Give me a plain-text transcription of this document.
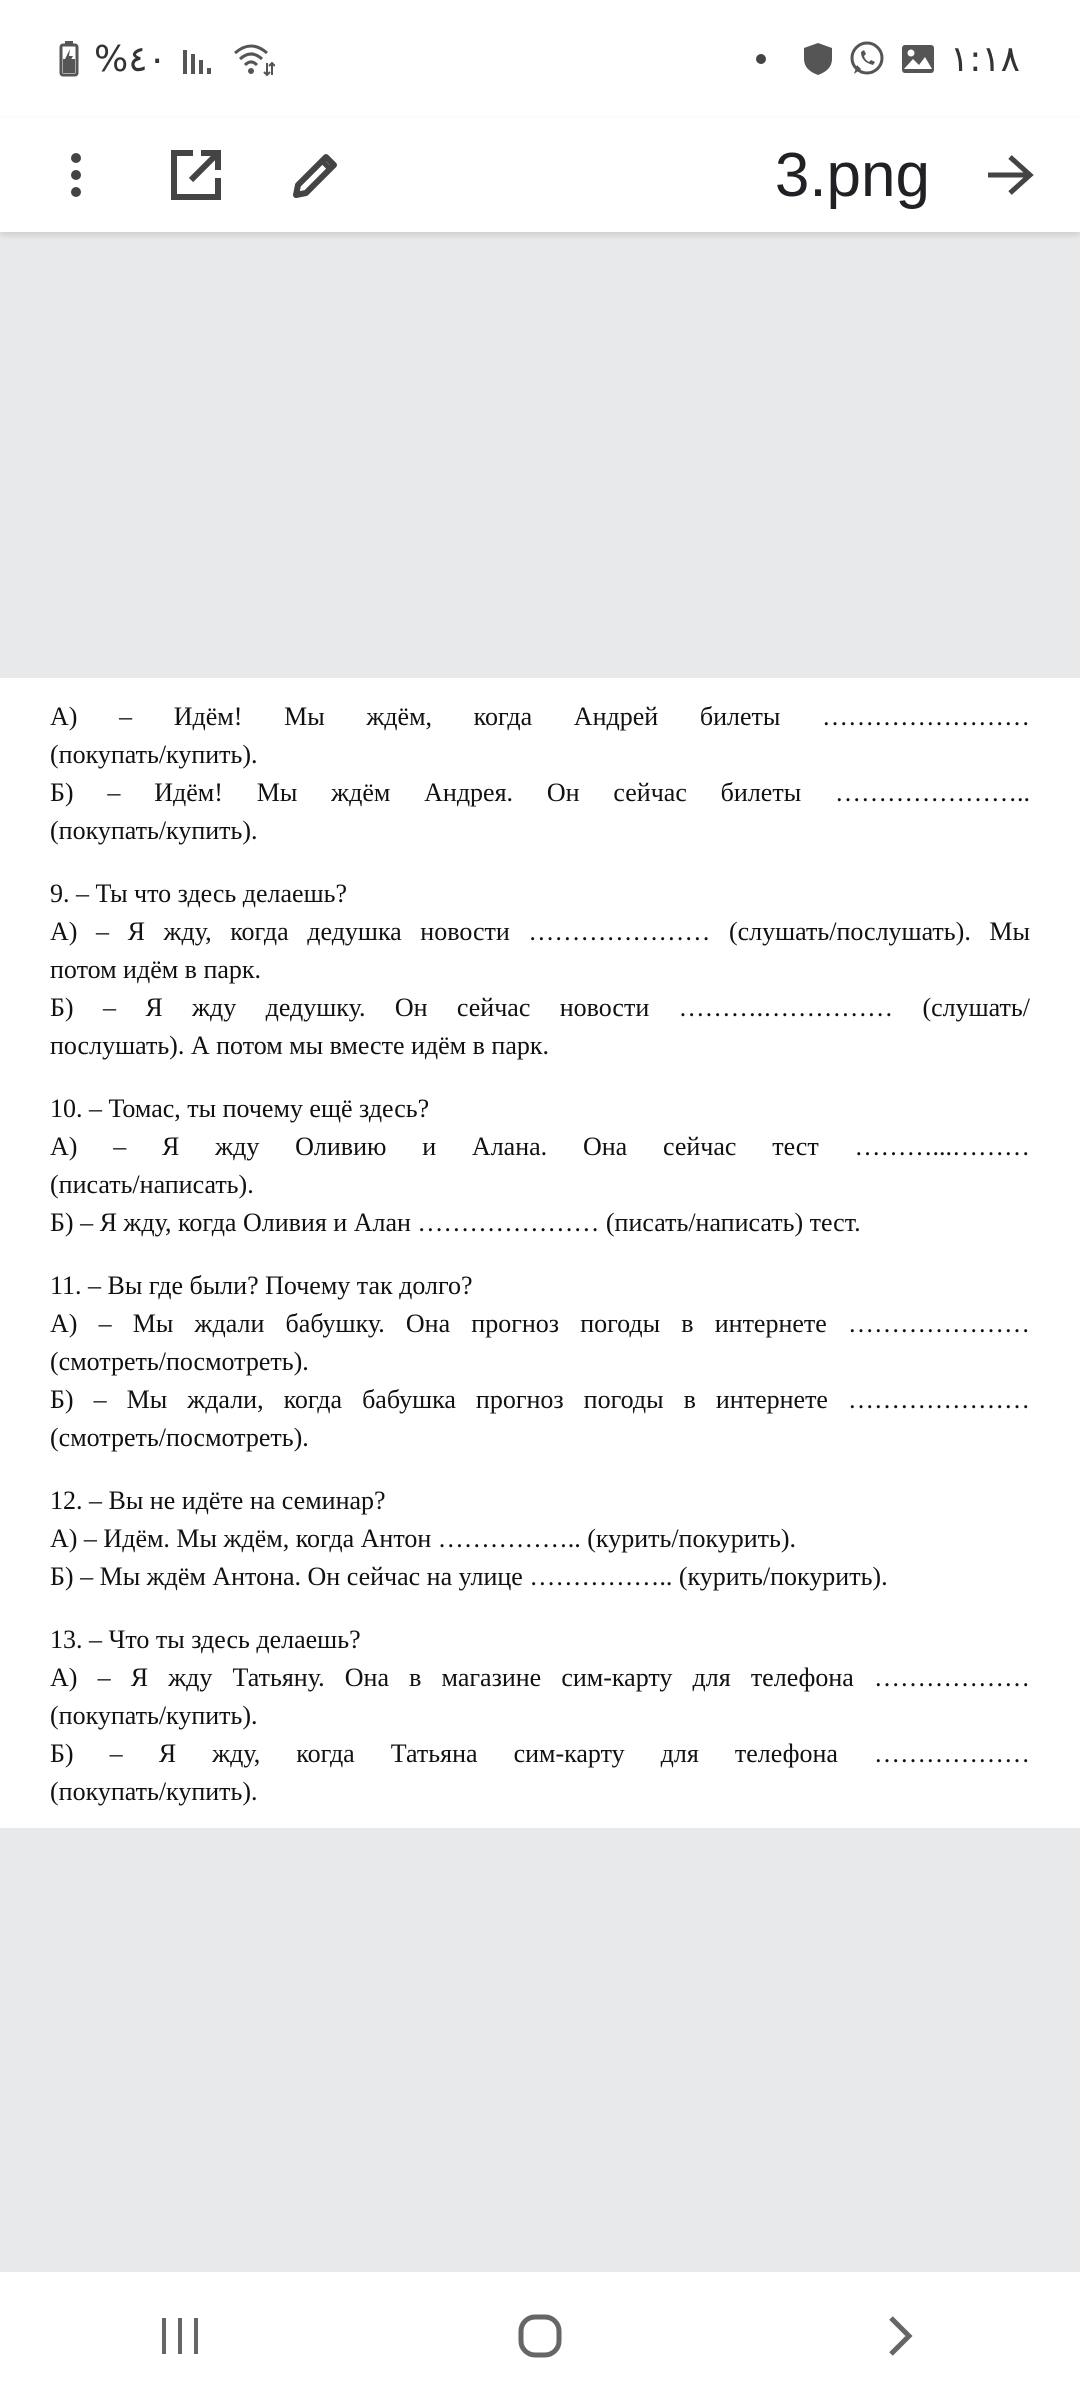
%٤٠	١:١٨
3.png

А) – Идём! Мы ждём, когда Андрей билеты ……………………

(покупать/купить).

Б) – Идём! Мы ждём Андрея. Он сейчас билеты …………………..

(покупать/купить).

9. – Ты что здесь делаешь?

А) – Я жду, когда дедушка новости ………………… (слушать/послушать). Мы

потом идём в парк.

Б) – Я жду дедушку. Он сейчас новости ……….…………… (слушать/

послушать). А потом мы вместе идём в парк.

10. – Томас, ты почему ещё здесь?

А) – Я жду Оливию и Алана. Она сейчас тест ………...………

(писать/написать).

Б) – Я жду, когда Оливия и Алан ………………… (писать/написать) тест.

11. – Вы где были? Почему так долго?

А) – Мы ждали бабушку. Она прогноз погоды в интернете …………………

(смотреть/посмотреть).

Б) – Мы ждали, когда бабушка прогноз погоды в интернете …………………

(смотреть/посмотреть).

12. – Вы не идёте на семинар?

А) – Идём. Мы ждём, когда Антон …………….. (курить/покурить).

Б) – Мы ждём Антона. Он сейчас на улице …………….. (курить/покурить).

13. – Что ты здесь делаешь?

А) – Я жду Татьяну. Она в магазине сим-карту для телефона ………………

(покупать/купить).

Б) – Я жду, когда Татьяна сим-карту для телефона ………………

(покупать/купить).
